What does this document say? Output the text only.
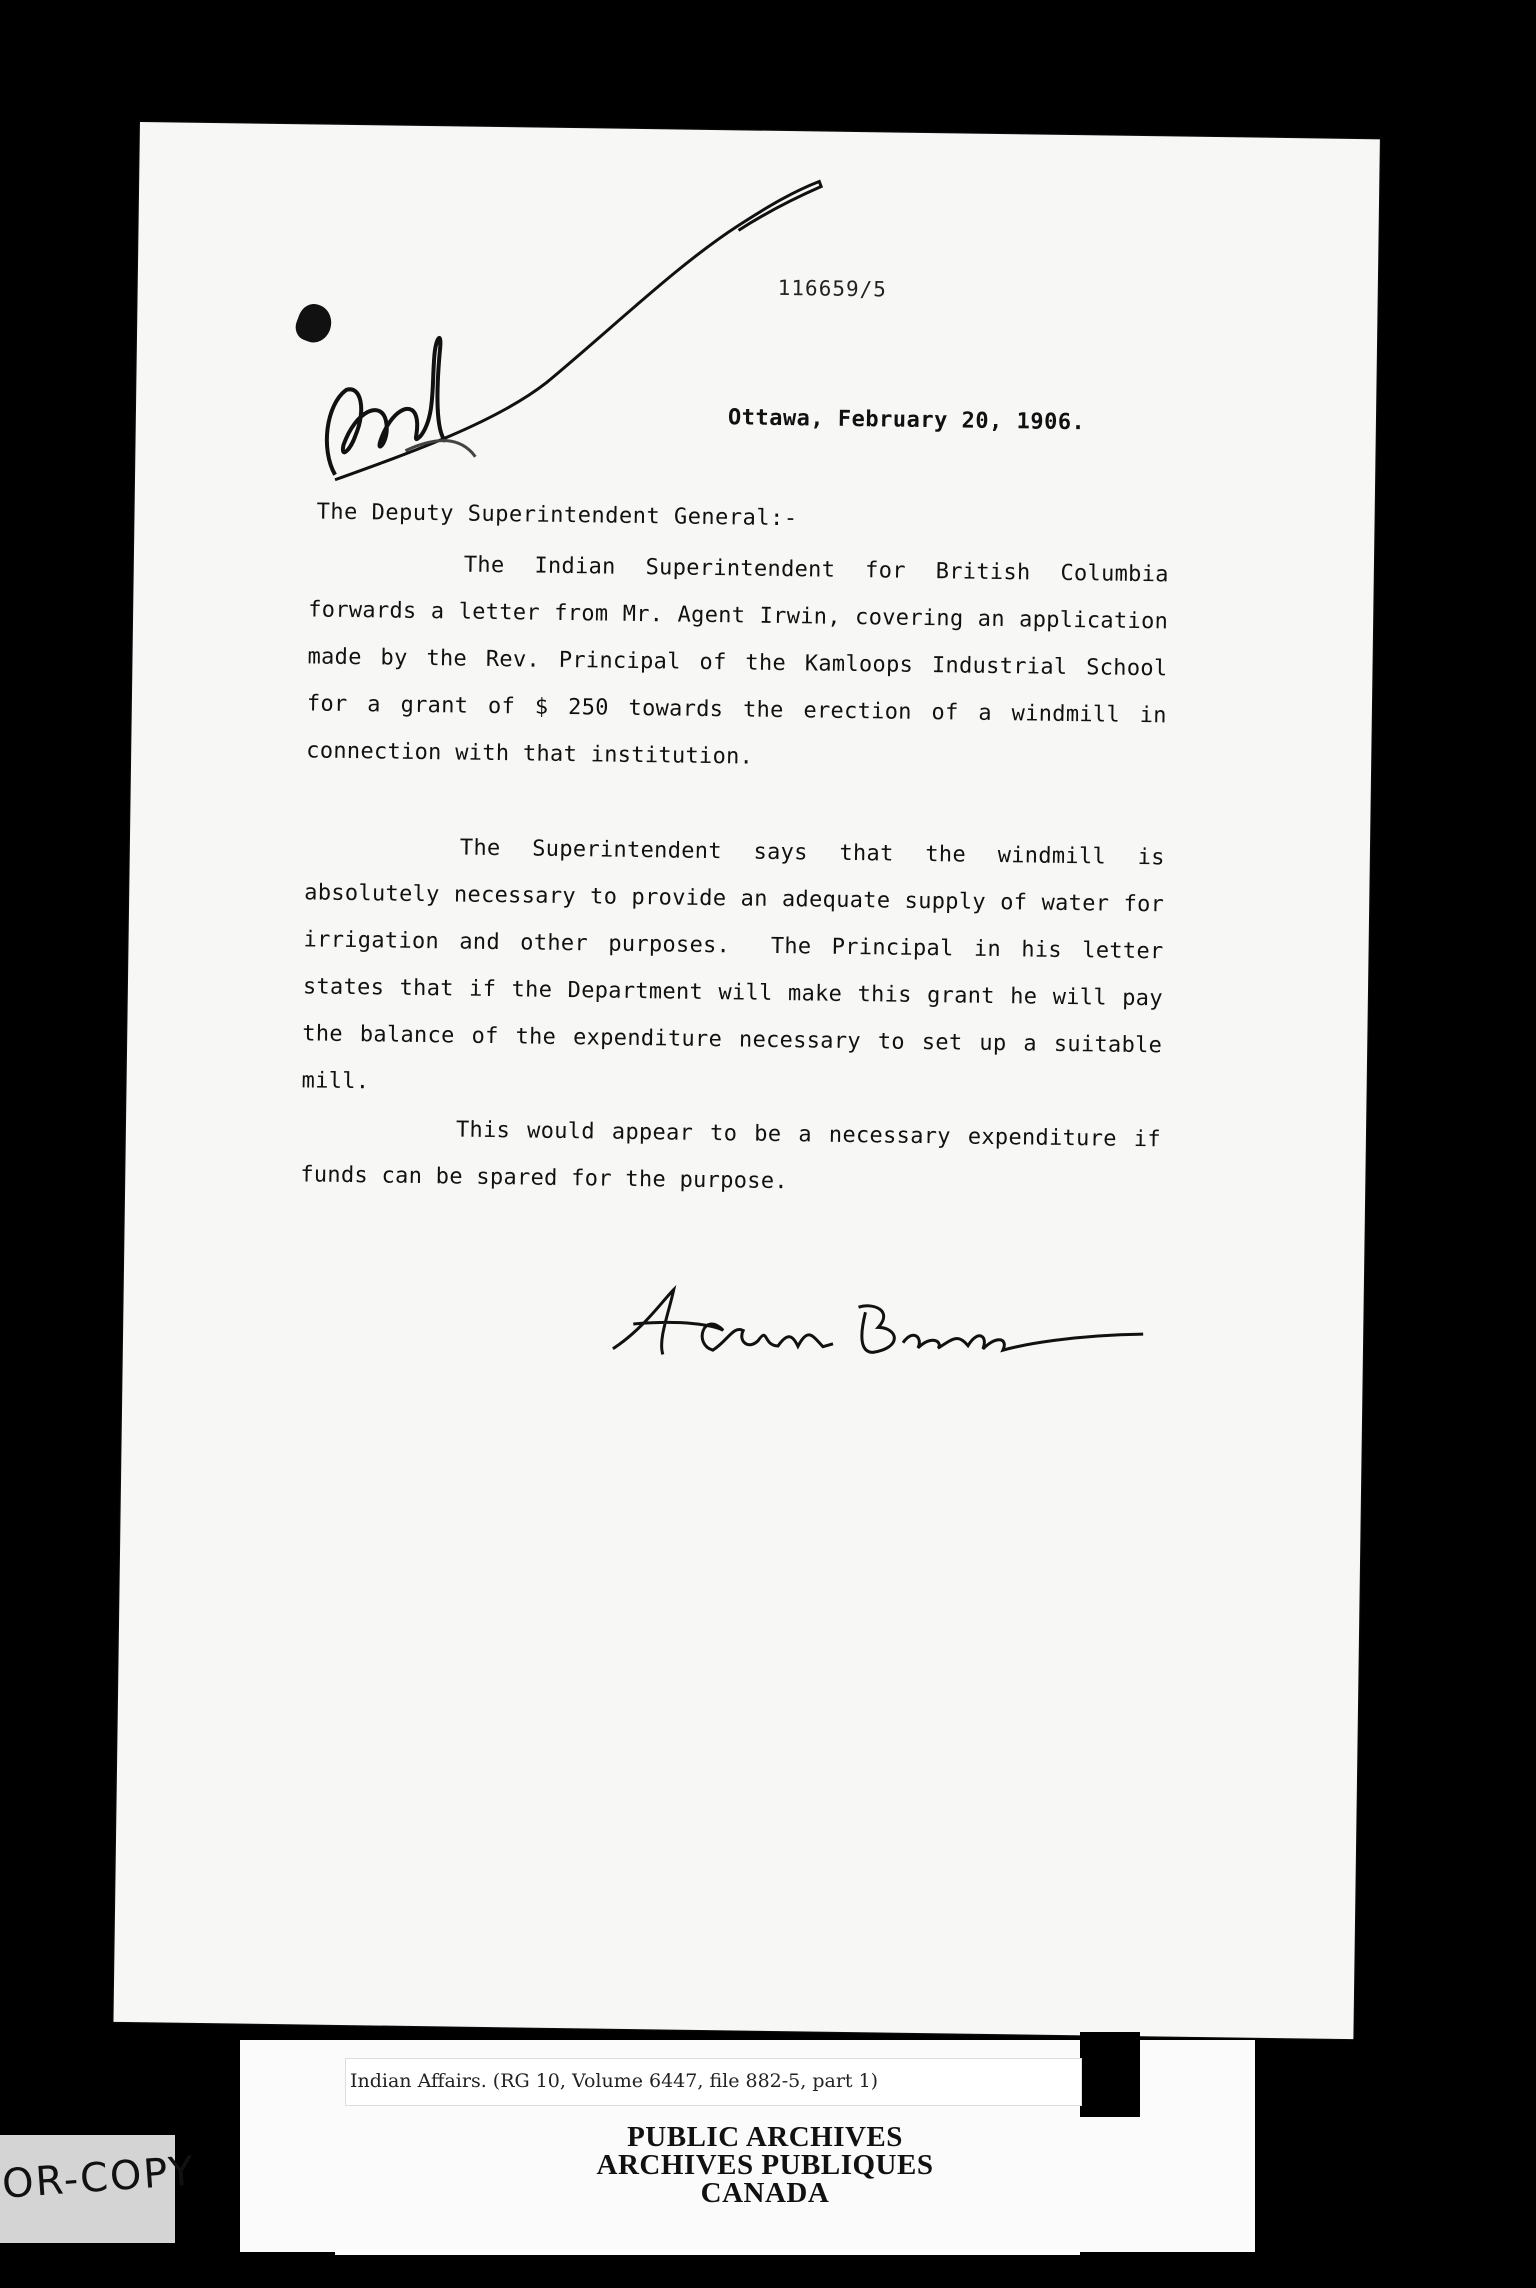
116659/5
Ottawa, February 20, 1906.
The Deputy Superintendent General:-
The Indian Superintendent for British Columbia forwards a letter from Mr. Agent Irwin, covering an application made by the Rev. Principal of the Kamloops Industrial School for a grant of $ 250 towards the erection of a windmill in connection with that institution.
The Superintendent says that the windmill is absolutely necessary to provide an adequate supply of water for irrigation and other purposes.  The Principal in his letter states that if the Department will make this grant he will pay the balance of the expenditure necessary to set up a suitable mill.
This would appear to be a necessary expenditure if funds can be spared for the purpose.
Indian Affairs. (RG 10, Volume 6447, file 882-5, part 1)
PUBLIC ARCHIVES
ARCHIVES PUBLIQUES
CANADA
OR-COPY
